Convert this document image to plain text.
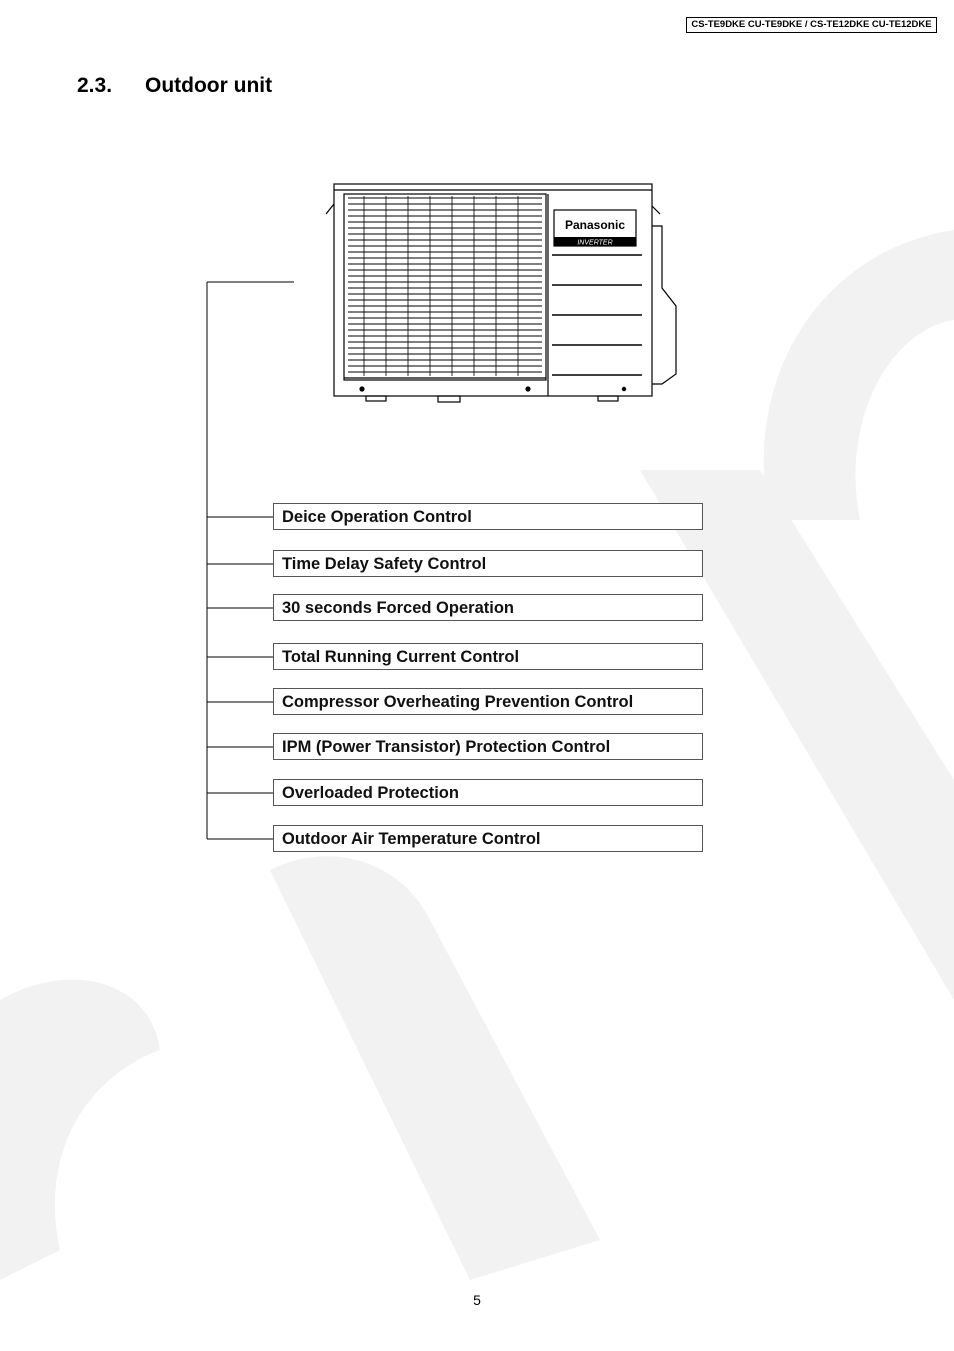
CS-TE9DKE CU-TE9DKE / CS-TE12DKE CU-TE12DKE
2.3. Outdoor unit
Panasonic
INVERTER
Deice Operation Control
Time Delay Safety Control
30 seconds Forced Operation
Total Running Current Control
Compressor Overheating Prevention Control
IPM (Power Transistor) Protection Control
Overloaded Protection
Outdoor Air Temperature Control
5
